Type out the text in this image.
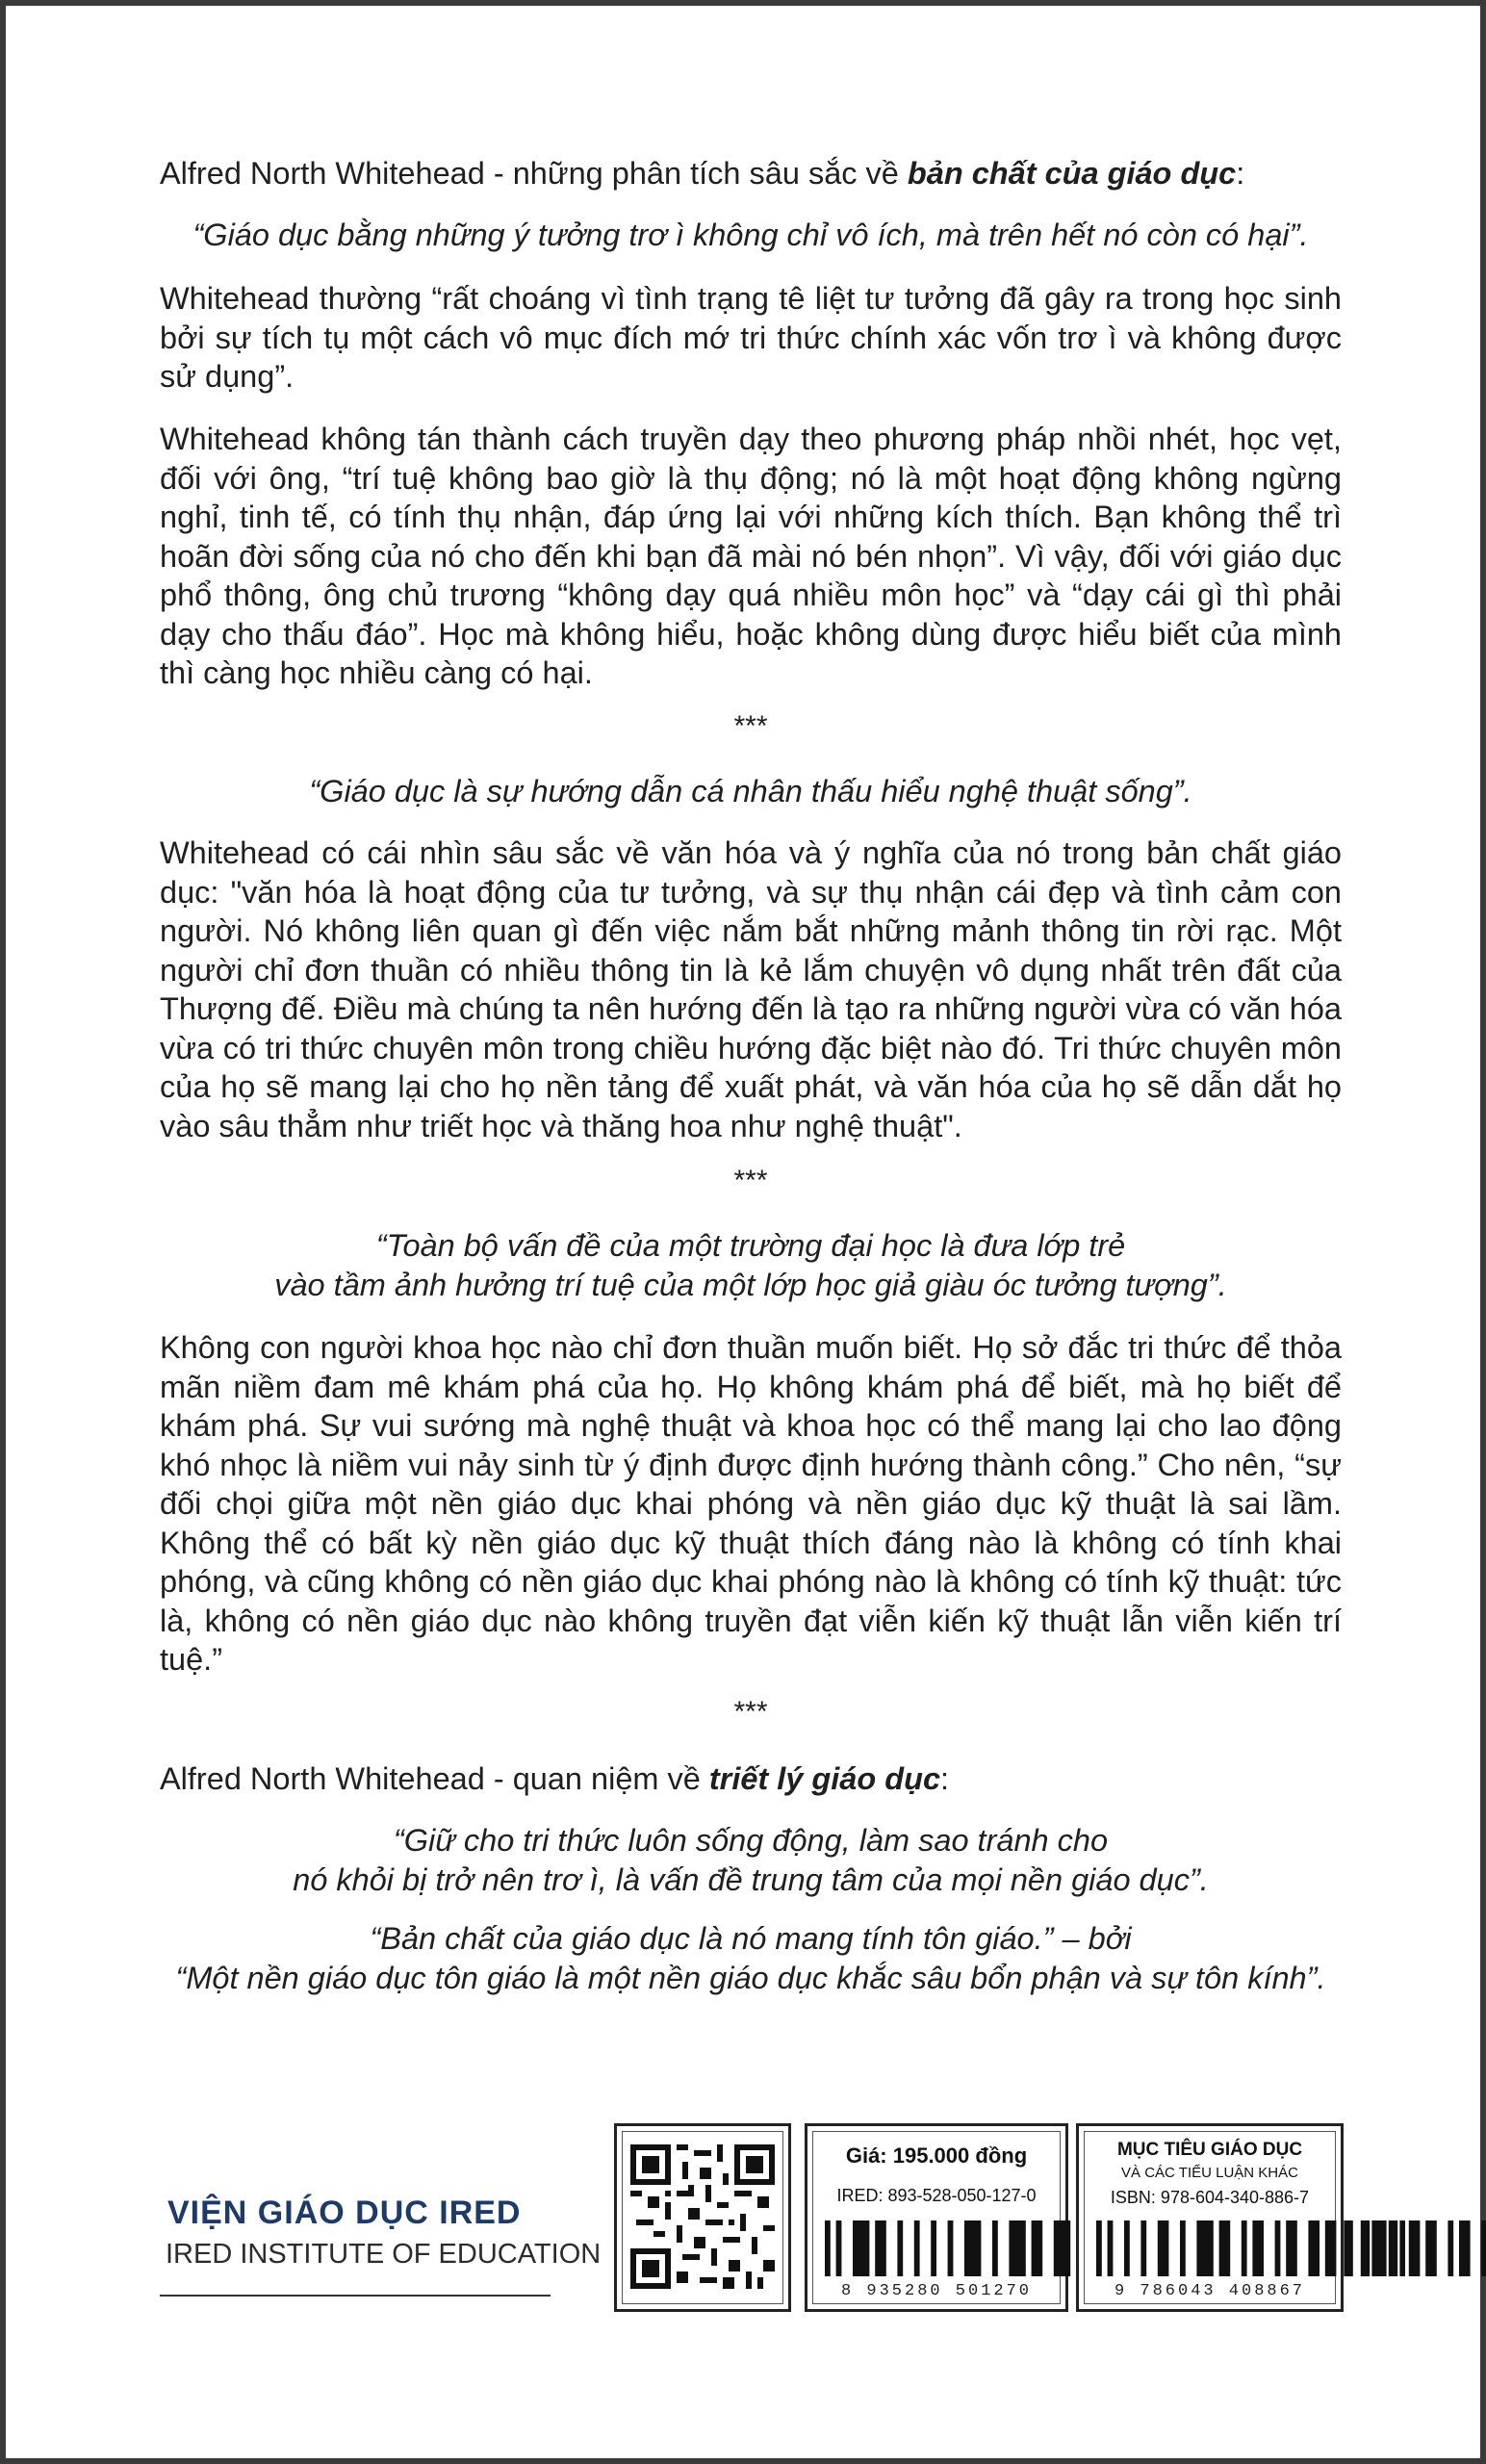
Alfred North Whitehead - những phân tích sâu sắc về bản chất của giáo dục:
“Giáo dục bằng những ý tưởng trơ ì không chỉ vô ích, mà trên hết nó còn có hại”.
Whitehead thường “rất choáng vì tình trạng tê liệt tư tưởng đã gây ra trong học sinh bởi sự tích tụ một cách vô mục đích mớ tri thức chính xác vốn trơ ì và không được sử dụng”.
Whitehead không tán thành cách truyền dạy theo phương pháp nhồi nhét, học vẹt, đối với ông, “trí tuệ không bao giờ là thụ động; nó là một hoạt động không ngừng nghỉ, tinh tế, có tính thụ nhận, đáp ứng lại với những kích thích. Bạn không thể trì hoãn đời sống của nó cho đến khi bạn đã mài nó bén nhọn”. Vì vậy, đối với giáo dục phổ thông, ông chủ trương “không dạy quá nhiều môn học” và “dạy cái gì thì phải dạy cho thấu đáo”. Học mà không hiểu, hoặc không dùng được hiểu biết của mình thì càng học nhiều càng có hại.
***
“Giáo dục là sự hướng dẫn cá nhân thấu hiểu nghệ thuật sống”.
Whitehead có cái nhìn sâu sắc về văn hóa và ý nghĩa của nó trong bản chất giáo dục: "văn hóa là hoạt động của tư tưởng, và sự thụ nhận cái đẹp và tình cảm con người. Nó không liên quan gì đến việc nắm bắt những mảnh thông tin rời rạc. Một người chỉ đơn thuần có nhiều thông tin là kẻ lắm chuyện vô dụng nhất trên đất của Thượng đế. Điều mà chúng ta nên hướng đến là tạo ra những người vừa có văn hóa vừa có tri thức chuyên môn trong chiều hướng đặc biệt nào đó. Tri thức chuyên môn của họ sẽ mang lại cho họ nền tảng để xuất phát, và văn hóa của họ sẽ dẫn dắt họ vào sâu thẳm như triết học và thăng hoa như nghệ thuật".
***
“Toàn bộ vấn đề của một trường đại học là đưa lớp trẻ
vào tầm ảnh hưởng trí tuệ của một lớp học giả giàu óc tưởng tượng”.
Không con người khoa học nào chỉ đơn thuần muốn biết. Họ sở đắc tri thức để thỏa mãn niềm đam mê khám phá của họ. Họ không khám phá để biết, mà họ biết để khám phá. Sự vui sướng mà nghệ thuật và khoa học có thể mang lại cho lao động khó nhọc là niềm vui nảy sinh từ ý định được định hướng thành công.” Cho nên, “sự đối chọi giữa một nền giáo dục khai phóng và nền giáo dục kỹ thuật là sai lầm. Không thể có bất kỳ nền giáo dục kỹ thuật thích đáng nào là không có tính khai phóng, và cũng không có nền giáo dục khai phóng nào là không có tính kỹ thuật: tức là, không có nền giáo dục nào không truyền đạt viễn kiến kỹ thuật lẫn viễn kiến trí tuệ.”
***
Alfred North Whitehead - quan niệm về triết lý giáo dục:
“Giữ cho tri thức luôn sống động, làm sao tránh cho
nó khỏi bị trở nên trơ ì, là vấn đề trung tâm của mọi nền giáo dục”.
“Bản chất của giáo dục là nó mang tính tôn giáo.” – bởi
“Một nền giáo dục tôn giáo là một nền giáo dục khắc sâu bổn phận và sự tôn kính”.
VIỆN GIÁO DỤC IRED
IRED INSTITUTE OF EDUCATION
Giá: 195.000 đồng
IRED: 893-528-050-127-0
8 935280 501270
MỤC TIÊU GIÁO DỤC
VÀ CÁC TIỂU LUẬN KHÁC
ISBN: 978-604-340-886-7
9 786043 408867
